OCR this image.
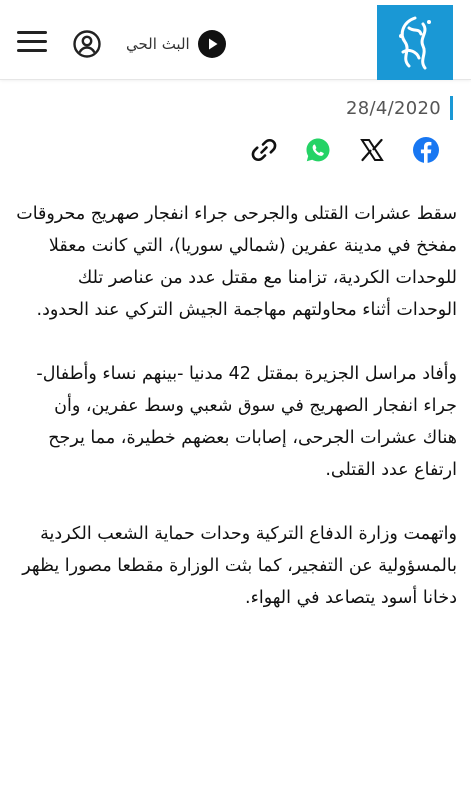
البث الحي
28/4/2020

سقط عشرات القتلى والجرحى جراء انفجار صهريج محروقات مفخخ في مدينة عفرين (شمالي سوريا)، التي كانت معقلا للوحدات الكردية، تزامنا مع مقتل عدد من عناصر تلك الوحدات أثناء محاولتهم مهاجمة الجيش التركي عند الحدود.

وأفاد مراسل الجزيرة بمقتل 42 مدنيا -بينهم نساء وأطفال- جراء انفجار الصهريج في سوق شعبي وسط عفرين، وأن هناك عشرات الجرحى، إصابات بعضهم خطيرة، مما يرجح ارتفاع عدد القتلى.

واتهمت وزارة الدفاع التركية وحدات حماية الشعب الكردية بالمسؤولية عن التفجير، كما بثت الوزارة مقطعا مصورا يظهر دخانا أسود يتصاعد في الهواء.
